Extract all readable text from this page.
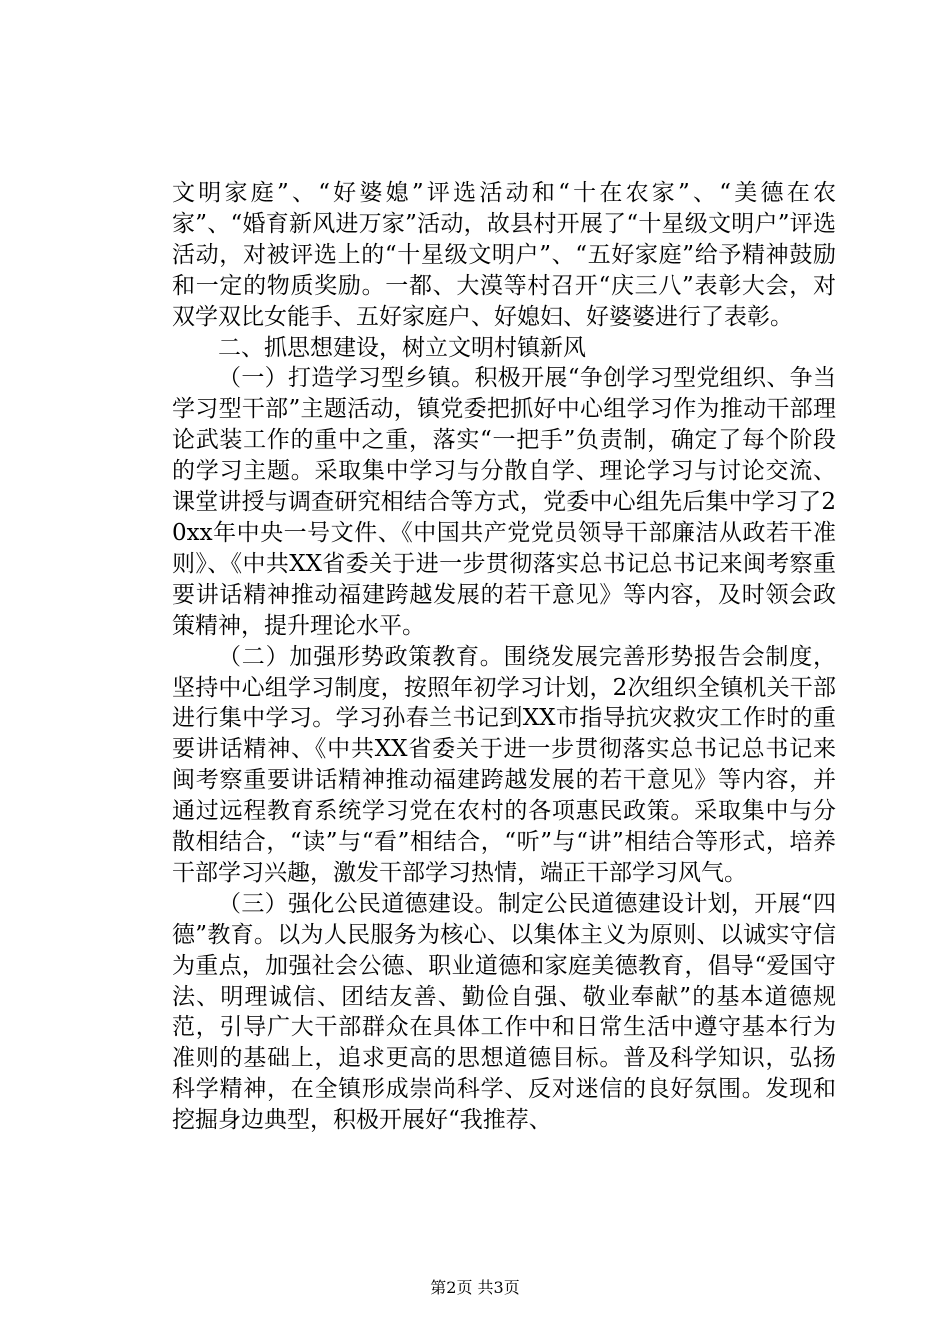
文明家庭”、“好婆媳”评选活动和“十在农家”、“美德在农家”、“婚育新风进万家”活动，故县村开展了“十星级文明户”评选活动，对被评选上的“十星级文明户”、“五好家庭”给予精神鼓励和一定的物质奖励。一都、大漠等村召开“庆三八”表彰大会，对双学双比女能手、五好家庭户、好媳妇、好婆婆进行了表彰。

二、抓思想建设，树立文明村镇新风

（一）打造学习型乡镇。积极开展“争创学习型党组织、争当学习型干部”主题活动，镇党委把抓好中心组学习作为推动干部理论武装工作的重中之重，落实“一把手”负责制，确定了每个阶段的学习主题。采取集中学习与分散自学、理论学习与讨论交流、课堂讲授与调查研究相结合等方式，党委中心组先后集中学习了20xx年中央一号文件、《中国共产党党员领导干部廉洁从政若干准则》、《中共XX省委关于进一步贯彻落实总书记总书记来闽考察重要讲话精神推动福建跨越发展的若干意见》等内容，及时领会政策精神，提升理论水平。

（二）加强形势政策教育。围绕发展完善形势报告会制度，坚持中心组学习制度，按照年初学习计划，2次组织全镇机关干部进行集中学习。学习孙春兰书记到XX市指导抗灾救灾工作时的重要讲话精神、《中共XX省委关于进一步贯彻落实总书记总书记来闽考察重要讲话精神推动福建跨越发展的若干意见》等内容，并通过远程教育系统学习党在农村的各项惠民政策。采取集中与分散相结合，“读”与“看”相结合，“听”与“讲”相结合等形式，培养干部学习兴趣，激发干部学习热情，端正干部学习风气。

（三）强化公民道德建设。制定公民道德建设计划，开展“四德”教育。以为人民服务为核心、以集体主义为原则、以诚实守信为重点，加强社会公德、职业道德和家庭美德教育，倡导“爱国守法、明理诚信、团结友善、勤俭自强、敬业奉献”的基本道德规范，引导广大干部群众在具体工作中和日常生活中遵守基本行为准则的基础上，追求更高的思想道德目标。普及科学知识，弘扬科学精神，在全镇形成崇尚科学、反对迷信的良好氛围。发现和挖掘身边典型，积极开展好“我推荐、

第2页 共3页
